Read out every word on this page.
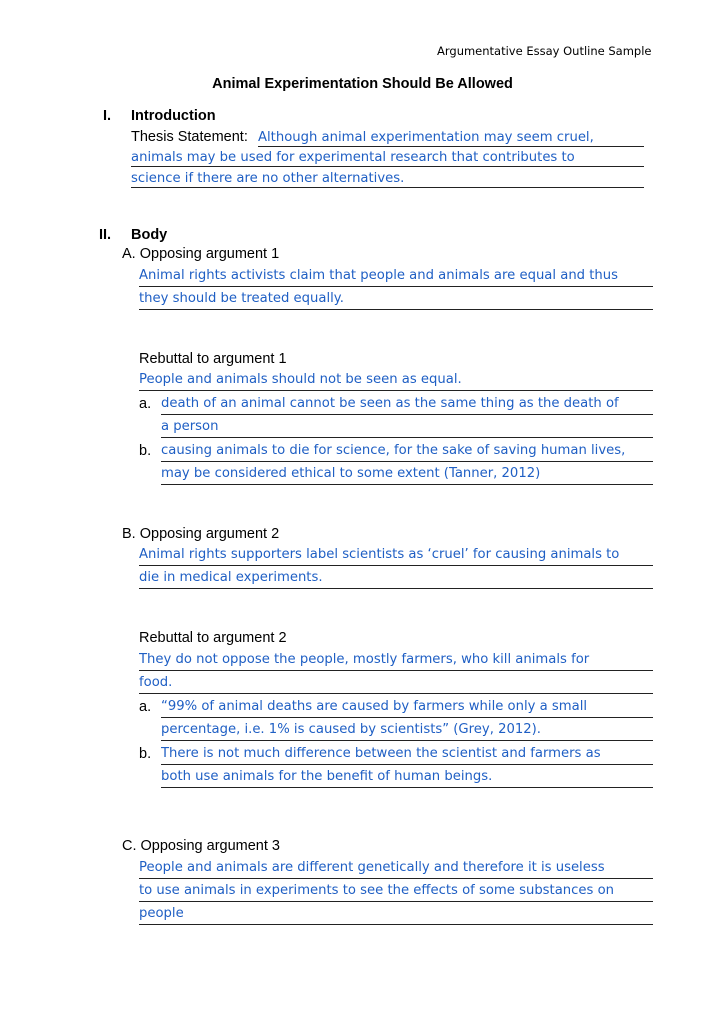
Argumentative Essay Outline Sample
Animal Experimentation Should Be Allowed
I. Introduction
Thesis Statement: Although animal experimentation may seem cruel,
animals may be used for experimental research that contributes to
science if there are no other alternatives.
II. Body
A. Opposing argument 1
Animal rights activists claim that people and animals are equal and thus
they should be treated equally.
Rebuttal to argument 1
People and animals should not be seen as equal.
a. death of an animal cannot be seen as the same thing as the death of
a person
b. causing animals to die for science, for the sake of saving human lives,
may be considered ethical to some extent (Tanner, 2012)
B. Opposing argument 2
Animal rights supporters label scientists as ‘cruel’ for causing animals to
die in medical experiments.
Rebuttal to argument 2
They do not oppose the people, mostly farmers, who kill animals for
food.
a. “99% of animal deaths are caused by farmers while only a small
percentage, i.e. 1% is caused by scientists” (Grey, 2012).
b. There is not much difference between the scientist and farmers as
both use animals for the benefit of human beings.
C. Opposing argument 3
People and animals are different genetically and therefore it is useless
to use animals in experiments to see the effects of some substances on
people
